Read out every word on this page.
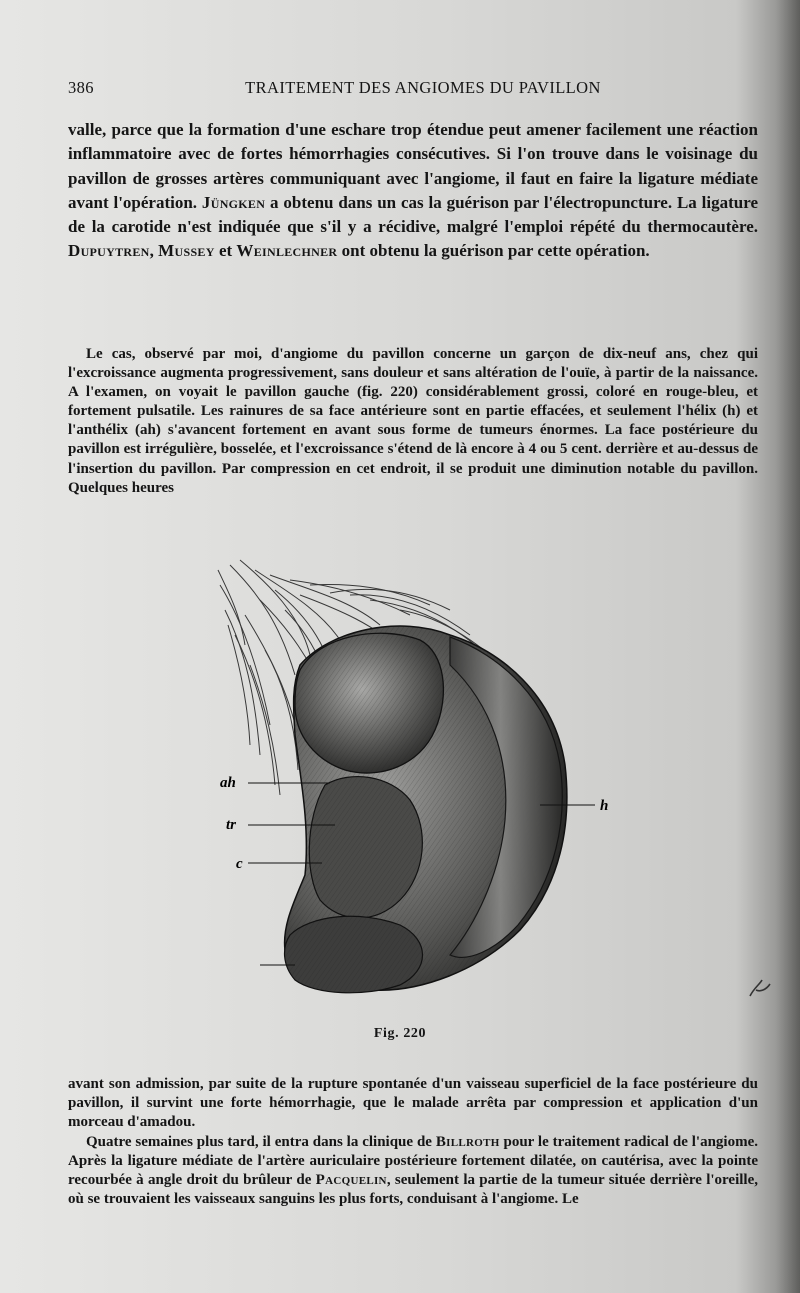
386	TRAITEMENT DES ANGIOMES DU PAVILLON

valle, parce que la formation d'une eschare trop étendue peut amener facilement une réaction inflammatoire avec de fortes hémorrhagies consécutives. Si l'on trouve dans le voisinage du pavillon de grosses artères communiquant avec l'angiome, il faut en faire la ligature médiate avant l'opération. Jüngken a obtenu dans un cas la guérison par l'électropuncture. La ligature de la carotide n'est indiquée que s'il y a récidive, malgré l'emploi répété du thermocautère. Dupuytren, Mussey et Weinlechner ont obtenu la guérison par cette opération.

Le cas, observé par moi, d'angiome du pavillon concerne un garçon de dix-neuf ans, chez qui l'excroissance augmenta progressivement, sans douleur et sans altération de l'ouïe, à partir de la naissance. A l'examen, on voyait le pavillon gauche (fig. 220) considérablement grossi, coloré en rouge-bleu, et fortement pulsatile. Les rainures de sa face antérieure sont en partie effacées, et seulement l'hélix (h) et l'anthélix (ah) s'avancent fortement en avant sous forme de tumeurs énormes. La face postérieure du pavillon est irrégulière, bosselée, et l'excroissance s'étend de là encore à 4 ou 5 cent. derrière et au-dessus de l'insertion du pavillon. Par compression en cet endroit, il se produit une diminution notable du pavillon. Quelques heures

ah
tr
c
h
Fig. 220

avant son admission, par suite de la rupture spontanée d'un vaisseau superficiel de la face postérieure du pavillon, il survint une forte hémorrhagie, que le malade arrêta par compression et application d'un morceau d'amadou.

Quatre semaines plus tard, il entra dans la clinique de Billroth pour le traitement radical de l'angiome. Après la ligature médiate de l'artère auriculaire postérieure fortement dilatée, on cautérisa, avec la pointe recourbée à angle droit du brûleur de Pacquelin, seulement la partie de la tumeur située derrière l'oreille, où se trouvaient les vaisseaux sanguins les plus forts, conduisant à l'angiome. Le
